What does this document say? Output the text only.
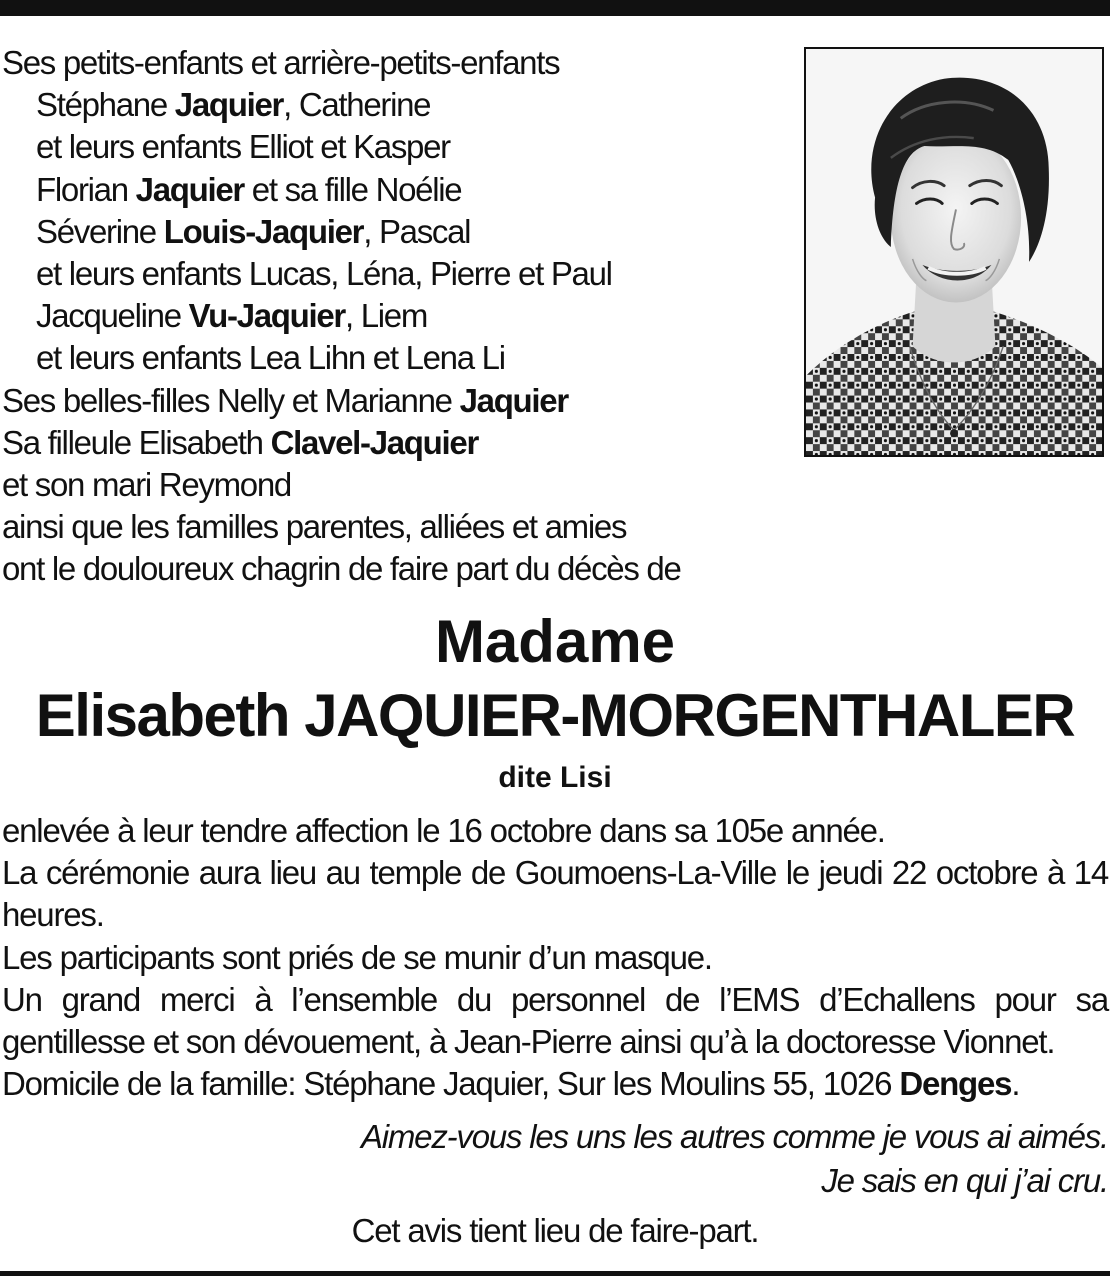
Ses petits-enfants et arrière-petits-enfants
Stéphane Jaquier, Catherine
et leurs enfants Elliot et Kasper
Florian Jaquier et sa fille Noélie
Séverine Louis-Jaquier, Pascal
et leurs enfants Lucas, Léna, Pierre et Paul
Jacqueline Vu-Jaquier, Liem
et leurs enfants Lea Lihn et Lena Li
Ses belles-filles Nelly et Marianne Jaquier
Sa filleule Elisabeth Clavel-Jaquier
et son mari Reymond
ainsi que les familles parentes, alliées et amies
ont le douloureux chagrin de faire part du décès de
Madame
Elisabeth JAQUIER-MORGENTHALER
dite Lisi

enlevée à leur tendre affection le 16 octobre dans sa 105e année.

La cérémonie aura lieu au temple de Goumoens-La-Ville le jeudi 22 octobre à 14 heures.

Les participants sont priés de se munir d’un masque.

Un grand merci à l’ensemble du personnel de l’EMS d’Echallens pour sa gentillesse et son dévouement, à Jean-Pierre ainsi qu’à la doctoresse Vionnet.

Domicile de la famille: Stéphane Jaquier, Sur les Moulins 55, 1026 Denges.

Aimez-vous les uns les autres comme je vous ai aimés.
Je sais en qui j’ai cru.
Cet avis tient lieu de faire-part.
